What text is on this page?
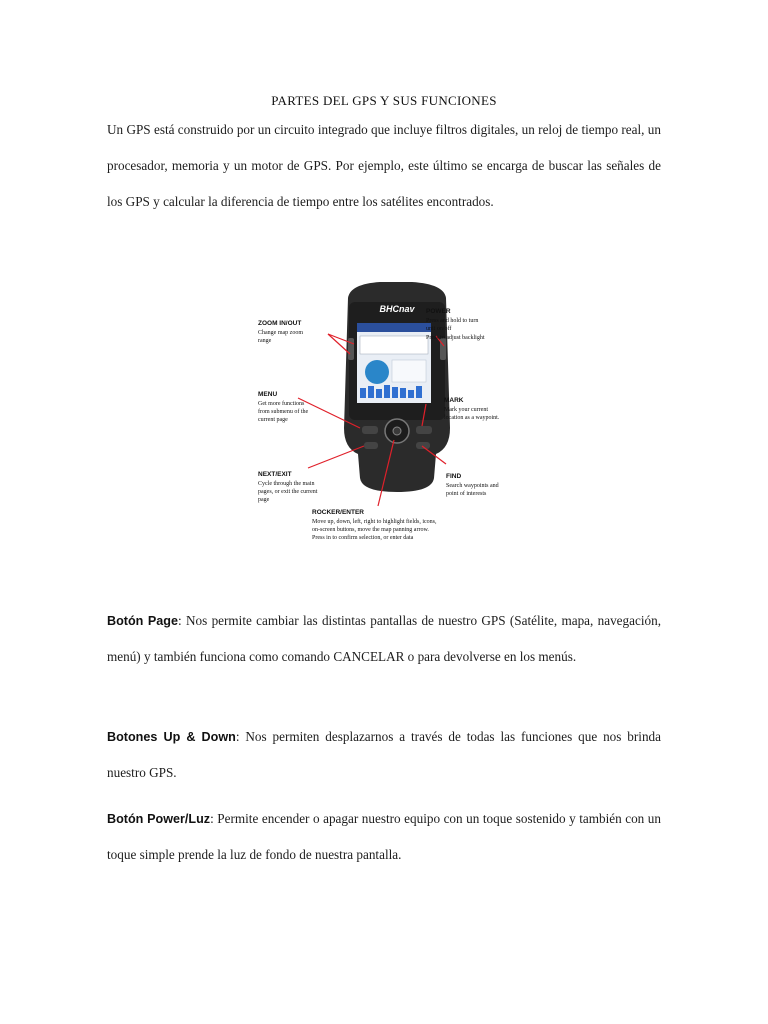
PARTES DEL GPS Y SUS FUNCIONES

Un GPS está construido por un circuito integrado que incluye filtros digitales, un reloj de tiempo real, un procesador, memoria y un motor de GPS. Por ejemplo, este último se encarga de buscar las señales de los GPS y calcular la diferencia de tiempo entre los satélites encontrados.

BHCnav
ZOOM IN/OUT
Change map zoom
range
MENU
Get more functions
from submenu of the
current page
NEXT/EXIT
Cycle through the main
pages, or exit the current
page
POWER
Press and hold to turn
unit on/off
Press to adjust backlight
MARK
Mark your current
location as a waypoint.
FIND
Search waypoints and
point of interests
ROCKER/ENTER
Move up, down, left, right to highlight fields, icons,
on-screen buttons, move the map panning arrow.
Press in to confirm selection, or enter data

Botón Page: Nos permite cambiar las distintas pantallas de nuestro GPS (Satélite, mapa, navegación, menú) y también funciona como comando CANCELAR o para devolverse en los menús.

Botones Up & Down: Nos permiten desplazarnos a través de todas las funciones que nos brinda nuestro GPS.

Botón Power/Luz: Permite encender o apagar nuestro equipo con un toque sostenido y también con un toque simple prende la luz de fondo de nuestra pantalla.
